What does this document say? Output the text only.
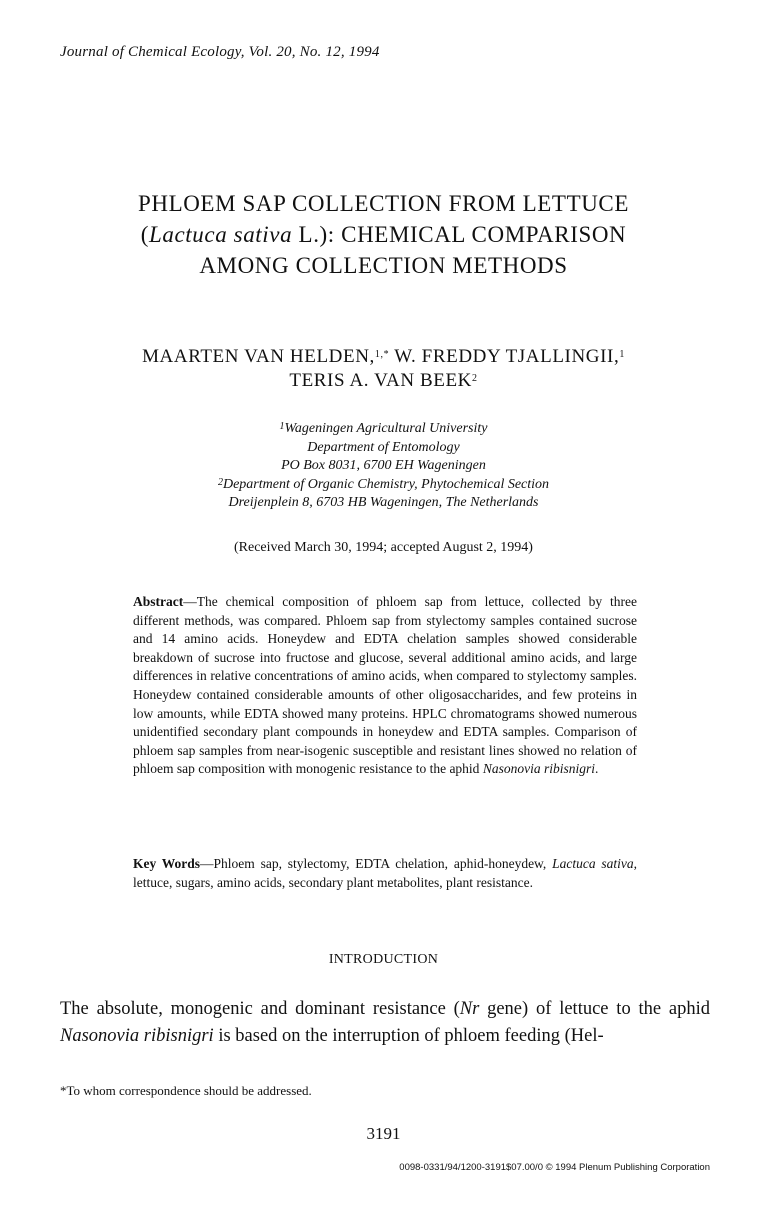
Journal of Chemical Ecology, Vol. 20, No. 12, 1994
PHLOEM SAP COLLECTION FROM LETTUCE
(Lactuca sativa L.): CHEMICAL COMPARISON
AMONG COLLECTION METHODS
MAARTEN VAN HELDEN,$^{1,*}$ W. FREDDY TJALLINGII,$^1$
TERIS A. VAN BEEK$^2$
$^1$Wageningen Agricultural University
Department of Entomology
PO Box 8031, 6700 EH Wageningen
$^2$Department of Organic Chemistry, Phytochemical Section
Dreijenplein 8, 6703 HB Wageningen, The Netherlands
(Received March 30, 1994; accepted August 2, 1994)

Abstract—The chemical composition of phloem sap from lettuce, collected by three different methods, was compared. Phloem sap from stylectomy samples contained sucrose and 14 amino acids. Honeydew and EDTA chelation samples showed considerable breakdown of sucrose into fructose and glucose, several additional amino acids, and large differences in relative concentrations of amino acids, when compared to stylectomy samples. Honeydew contained considerable amounts of other oligosaccharides, and few proteins in low amounts, while EDTA showed many proteins. HPLC chromatograms showed numerous unidentified secondary plant compounds in honeydew and EDTA samples. Comparison of phloem sap samples from near-isogenic susceptible and resistant lines showed no relation of phloem sap composition with monogenic resistance to the aphid Nasonovia ribisnigri.

Key Words—Phloem sap, stylectomy, EDTA chelation, aphid-honeydew, Lactuca sativa, lettuce, sugars, amino acids, secondary plant metabolites, plant resistance.
INTRODUCTION

The absolute, monogenic and dominant resistance (Nr gene) of lettuce to the aphid Nasonovia ribisnigri is based on the interruption of phloem feeding (Hel-

*To whom correspondence should be addressed.
3191
0098-0331/94/1200-3191$07.00/0 © 1994 Plenum Publishing Corporation
